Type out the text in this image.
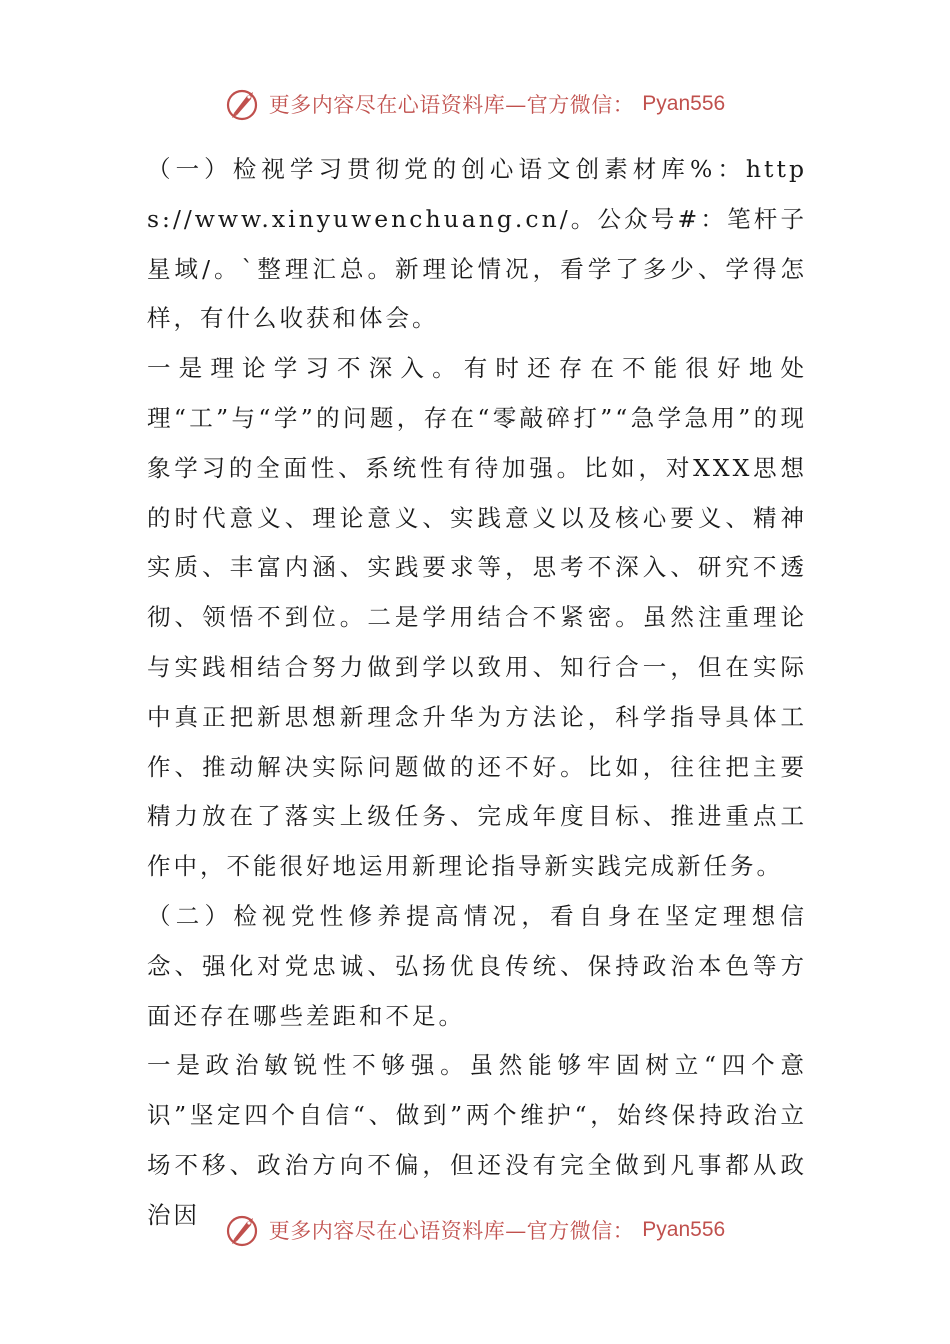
更多内容尽在心语资料库—官方微信： Pyan556

（一）检视学习贯彻党的创心语文创素材库%：https://www.xinyuwenchuang.cn/。公众号#：笔杆子星域/。`整理汇总。新理论情况，看学了多少、学得怎样，有什么收获和体会。

一是理论学习不深入。有时还存在不能很好地处理“工”与“学”的问题，存在“零敲碎打”“急学急用”的现象学习的全面性、系统性有待加强。比如，对XXX思想的时代意义、理论意义、实践意义以及核心要义、精神实质、丰富内涵、实践要求等，思考不深入、研究不透彻、领悟不到位。二是学用结合不紧密。虽然注重理论与实践相结合努力做到学以致用、知行合一，但在实际中真正把新思想新理念升华为方法论，科学指导具体工作、推动解决实际问题做的还不好。比如，往往把主要精力放在了落实上级任务、完成年度目标、推进重点工作中，不能很好地运用新理论指导新实践完成新任务。

（二）检视党性修养提高情况，看自身在坚定理想信念、强化对党忠诚、弘扬优良传统、保持政治本色等方面还存在哪些差距和不足。

一是政治敏锐性不够强。虽然能够牢固树立“四个意识”坚定四个自信“、做到”两个维护“，始终保持政治立场不移、政治方向不偏，但还没有完全做到凡事都从政治因

更多内容尽在心语资料库—官方微信： Pyan556
